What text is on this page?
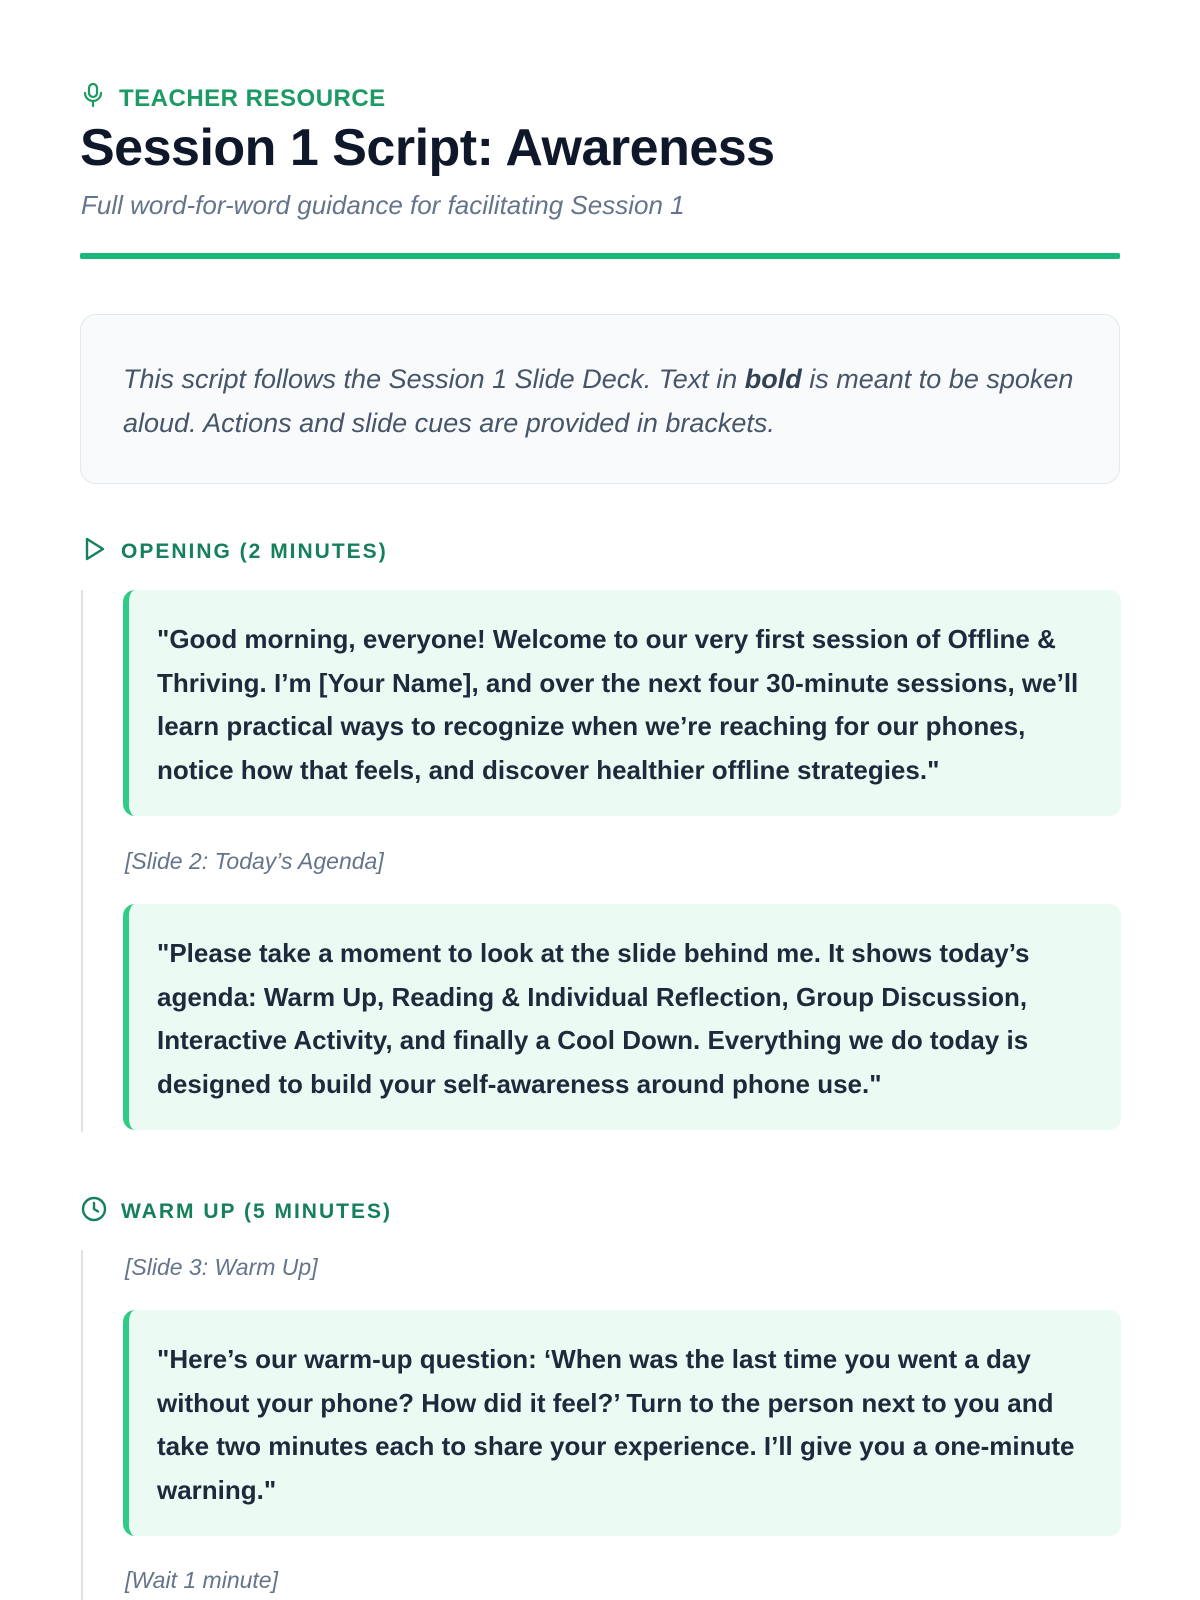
TEACHER RESOURCE
Session 1 Script: Awareness
Full word-for-word guidance for facilitating Session 1
This script follows the Session 1 Slide Deck. Text in bold is meant to be spoken aloud. Actions and slide cues are provided in brackets.
OPENING (2 MINUTES)
"Good morning, everyone! Welcome to our very first session of Offline & Thriving. I’m [Your Name], and over the next four 30-minute sessions, we’ll learn practical ways to recognize when we’re reaching for our phones, notice how that feels, and discover healthier offline strategies."
[Slide 2: Today’s Agenda]
"Please take a moment to look at the slide behind me. It shows today’s agenda: Warm Up, Reading & Individual Reflection, Group Discussion, Interactive Activity, and finally a Cool Down. Everything we do today is designed to build your self-awareness around phone use."
WARM UP (5 MINUTES)
[Slide 3: Warm Up]
"Here’s our warm-up question: ‘When was the last time you went a day without your phone? How did it feel?’ Turn to the person next to you and take two minutes each to share your experience. I’ll give you a one-minute warning."
[Wait 1 minute]
